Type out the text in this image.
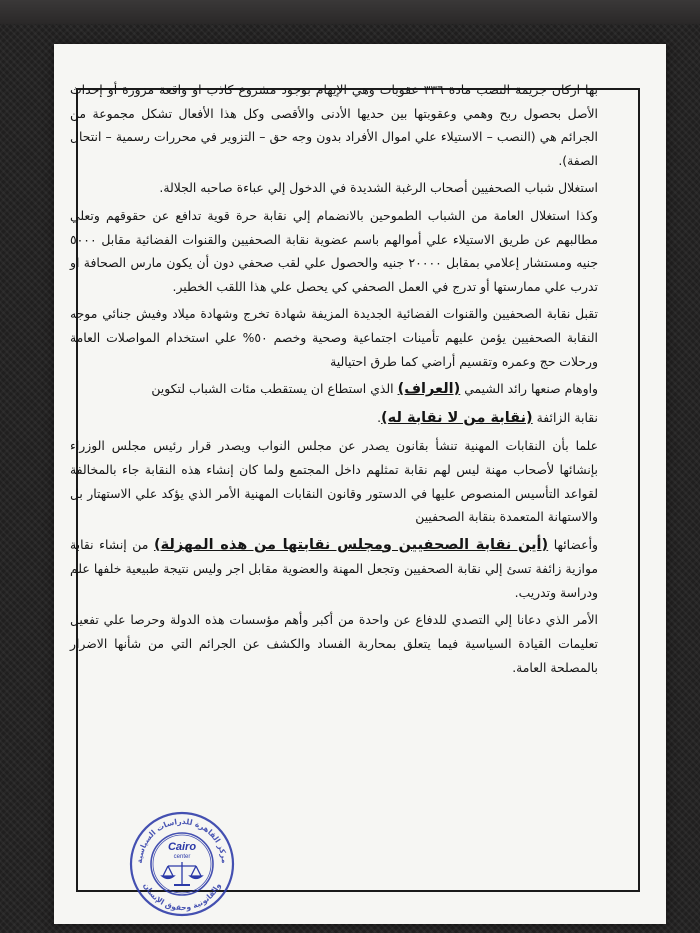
بها اركان جريمة النصب مادة ٣٣٦ عقوبات وهي الإيهام بوجود مشروع كاذب او واقعة مزورة أو إحداث الأصل بحصول ربح وهمي وعقوبتها بين حديها الأدنى والأقصى وكل هذا الأفعال تشكل مجموعة من الجرائم هي (النصب – الاستيلاء علي اموال الأفراد بدون وجه حق – التزوير في محررات رسمية – انتحال الصفة).

استغلال شباب الصحفيين أصحاب الرغبة الشديدة في الدخول إلي عباءة صاحبه الجلالة.

وكذا استغلال العامة من الشباب الطموحين بالانضمام إلي نقابة حرة قوية تدافع عن حقوقهم وتعلي مطالبهم عن طريق الاستيلاء علي أموالهم باسم عضوية نقابة الصحفيين والقنوات الفضائية مقابل ٥٠٠٠ جنيه ومستشار إعلامي بمقابل ٢٠٠٠٠ جنيه والحصول علي لقب صحفي دون أن يكون مارس الصحافة او تدرب علي ممارستها أو تدرج في العمل الصحفي كي يحصل علي هذا اللقب الخطير.

تقبل نقابة الصحفيين والقنوات الفضائية الجديدة المزيفة شهادة تخرج وشهادة ميلاد وفيش جنائي موجه النقابة الصحفيين يؤمن عليهم تأمينات اجتماعية وصحية وخصم ٥٠% علي استخدام المواصلات العامة ورحلات حج وعمره وتقسيم أراضي كما طرق احتيالية

واوهام صنعها رائد الشيمي (العراف) الذي استطاع ان يستقطب مئات الشباب لتكوين

نقابة الزائفة (نقابة من لا نقابة له).

علما بأن النقابات المهنية تنشأ بقانون يصدر عن مجلس النواب ويصدر قرار رئيس مجلس الوزراء بإنشائها لأصحاب مهنة ليس لهم نقابة تمثلهم داخل المجتمع ولما كان إنشاء هذه النقابة جاء بالمخالفة لقواعد التأسيس المنصوص عليها في الدستور وقانون النقابات المهنية الأمر الذي يؤكد علي الاستهتار بل والاستهانة المتعمدة بنقابة الصحفيين

وأعضائها (أين نقابة الصحفيين ومجلس نقابتها من هذه المهزلة) من إنشاء نقابة موازية زائفة تسئ إلي نقابة الصحفيين وتجعل المهنة والعضوية مقابل اجر وليس نتيجة طبيعية خلفها علم ودراسة وتدريب.

الأمر الذي دعانا إلي التصدي للدفاع عن واحدة من أكبر وأهم مؤسسات هذه الدولة وحرصا علي تفعيل تعليمات القيادة السياسية فيما يتعلق بمحاربة الفساد والكشف عن الجرائم التي من شأنها الاضرار بالمصلحة العامة.

مركز القاهرة للدراسات السياسية
والقانونية وحقوق الإنسان
Cairo
center
